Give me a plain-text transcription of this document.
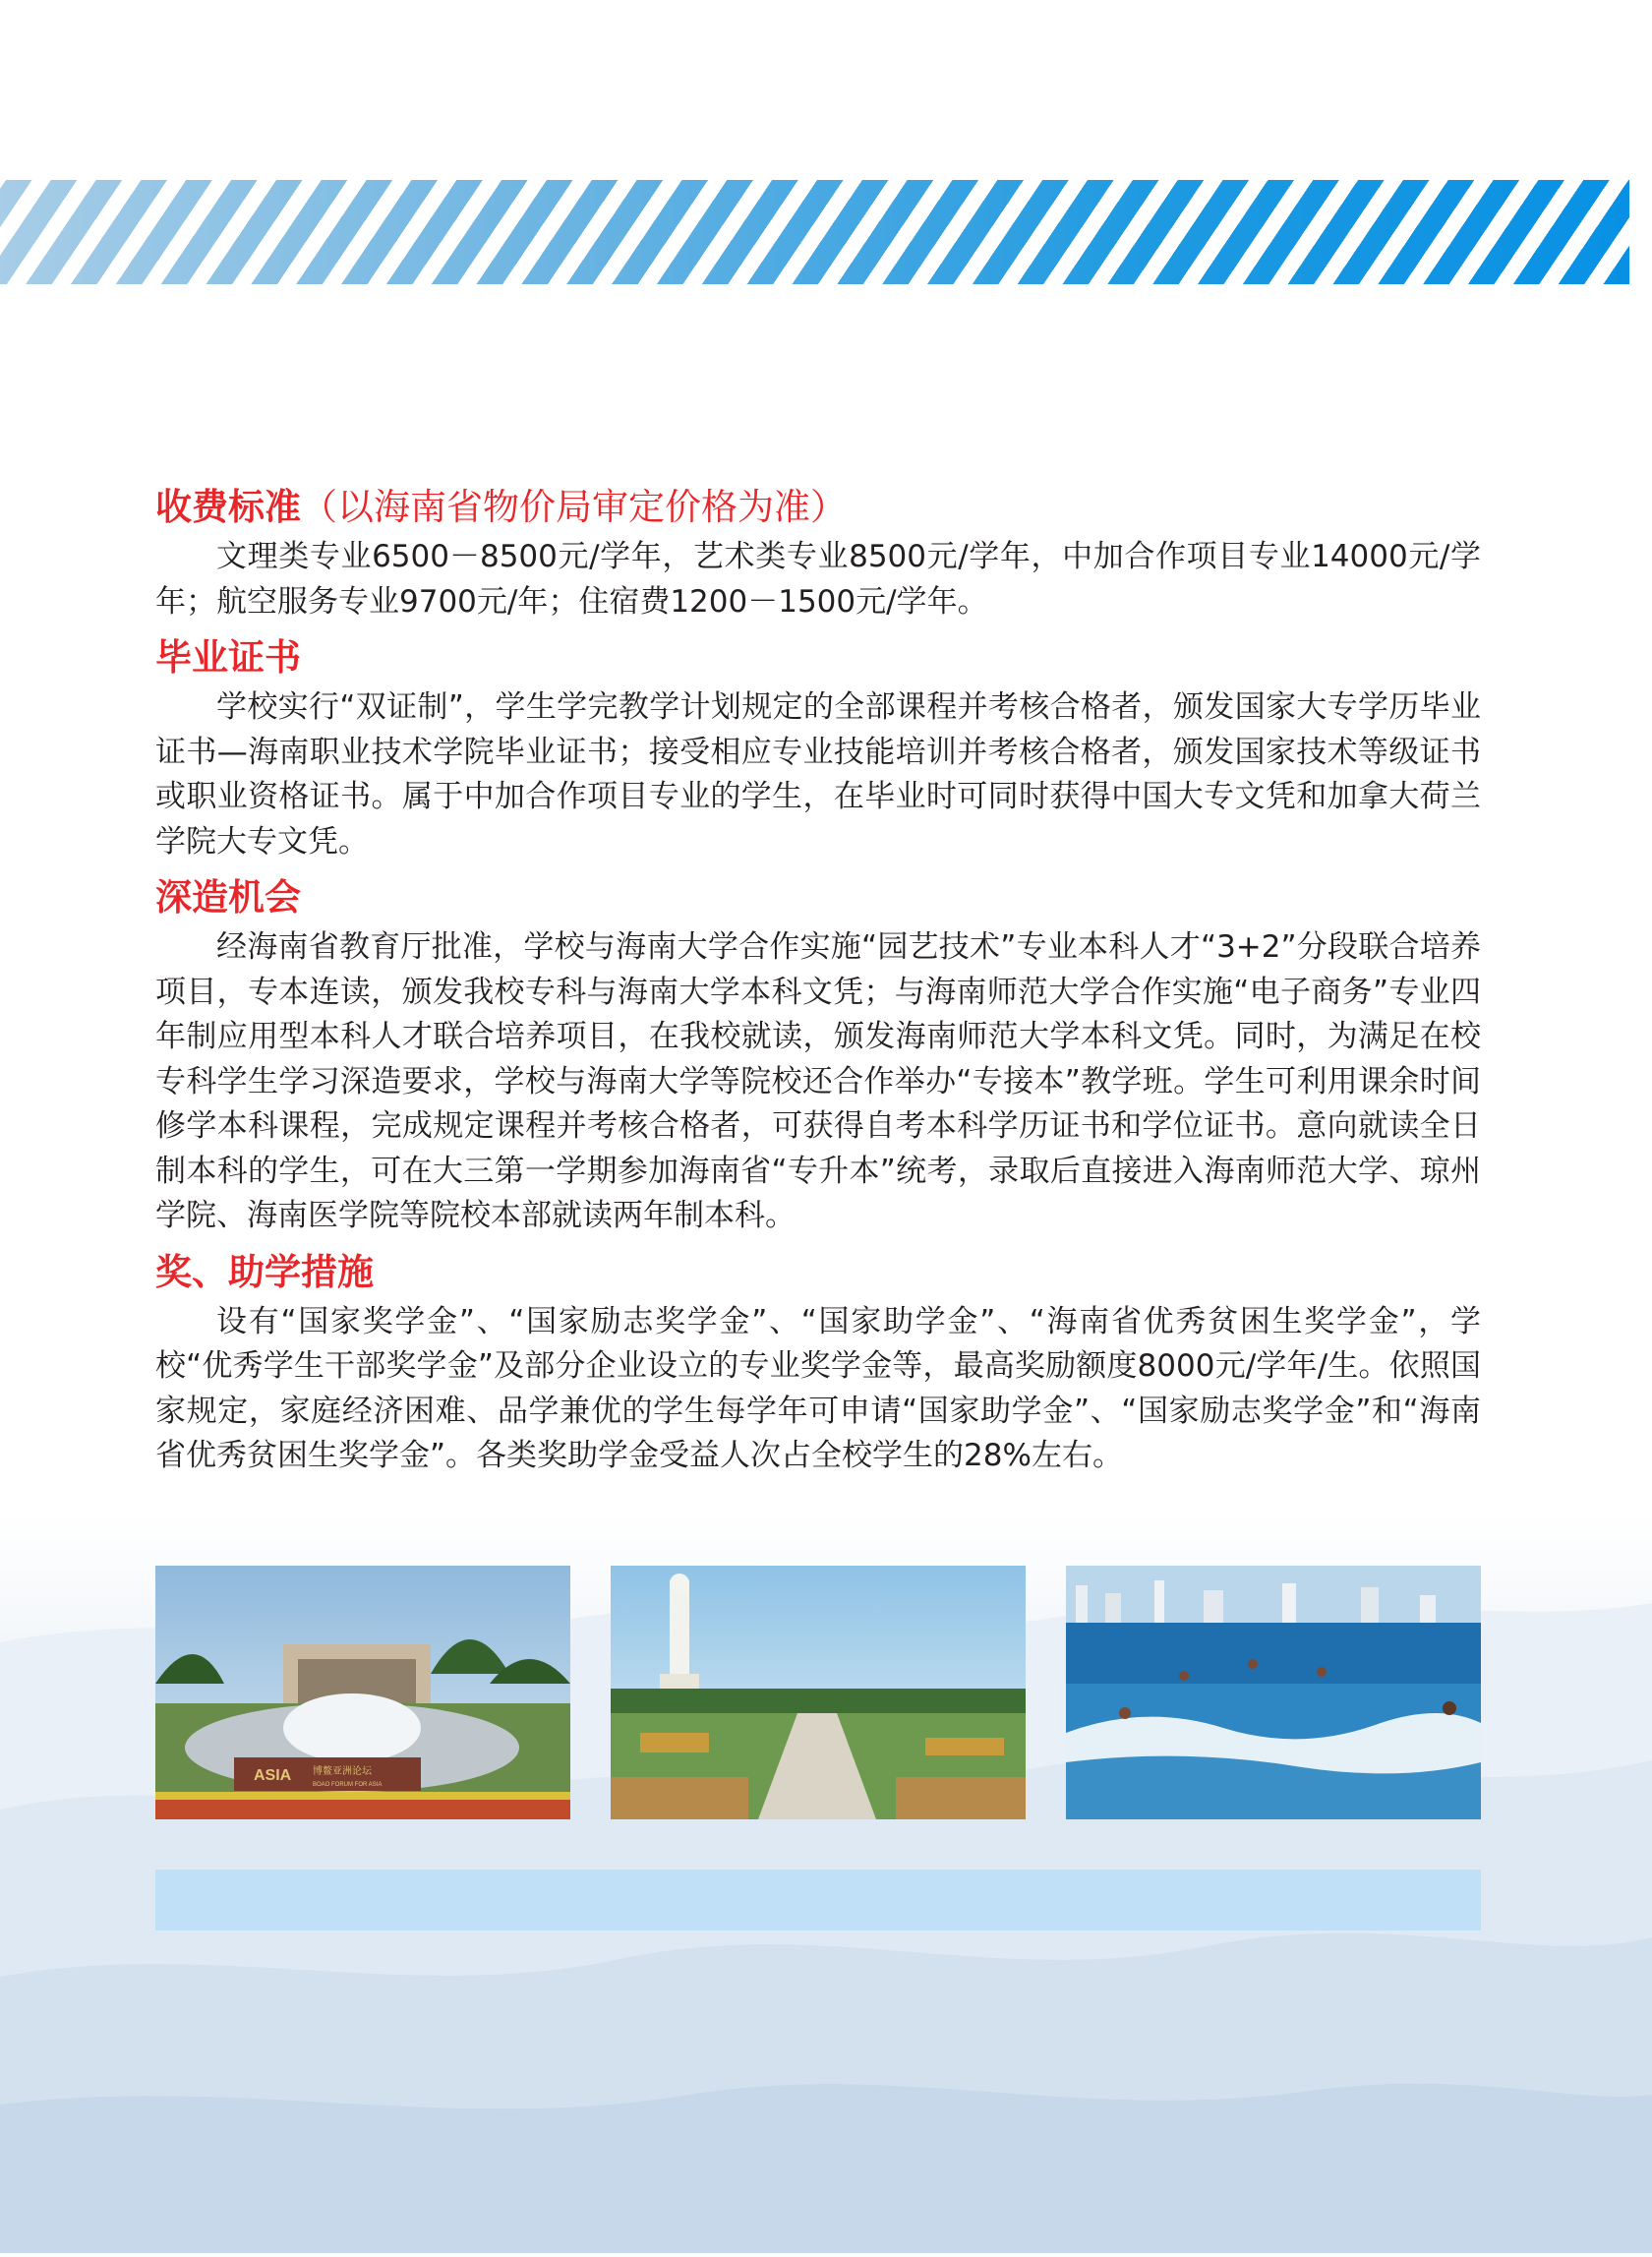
收费标准（以海南省物价局审定价格为准）

文理类专业6500－8500元/学年，艺术类专业8500元/学年，中加合作项目专业14000元/学年；航空服务专业9700元/年；住宿费1200－1500元/学年。

毕业证书

学校实行“双证制”，学生学完教学计划规定的全部课程并考核合格者，颁发国家大专学历毕业证书—海南职业技术学院毕业证书；接受相应专业技能培训并考核合格者，颁发国家技术等级证书或职业资格证书。属于中加合作项目专业的学生，在毕业时可同时获得中国大专文凭和加拿大荷兰学院大专文凭。

深造机会

经海南省教育厅批准，学校与海南大学合作实施“园艺技术”专业本科人才“3+2”分段联合培养项目，专本连读，颁发我校专科与海南大学本科文凭；与海南师范大学合作实施“电子商务”专业四年制应用型本科人才联合培养项目，在我校就读，颁发海南师范大学本科文凭。同时，为满足在校专科学生学习深造要求，学校与海南大学等院校还合作举办“专接本”教学班。学生可利用课余时间修学本科课程，完成规定课程并考核合格者，可获得自考本科学历证书和学位证书。意向就读全日制本科的学生，可在大三第一学期参加海南省“专升本”统考，录取后直接进入海南师范大学、琼州学院、海南医学院等院校本部就读两年制本科。

奖、助学措施

设有“国家奖学金”、“国家励志奖学金”、“国家助学金”、“海南省优秀贫困生奖学金”，学校“优秀学生干部奖学金”及部分企业设立的专业奖学金等，最高奖励额度8000元/学年/生。依照国家规定，家庭经济困难、品学兼优的学生每学年可申请“国家助学金”、“国家励志奖学金”和“海南省优秀贫困生奖学金”。各类奖助学金受益人次占全校学生的28%左右。

ASIA 博鳌亚洲论坛
BOAO FORUM FOR ASIA
